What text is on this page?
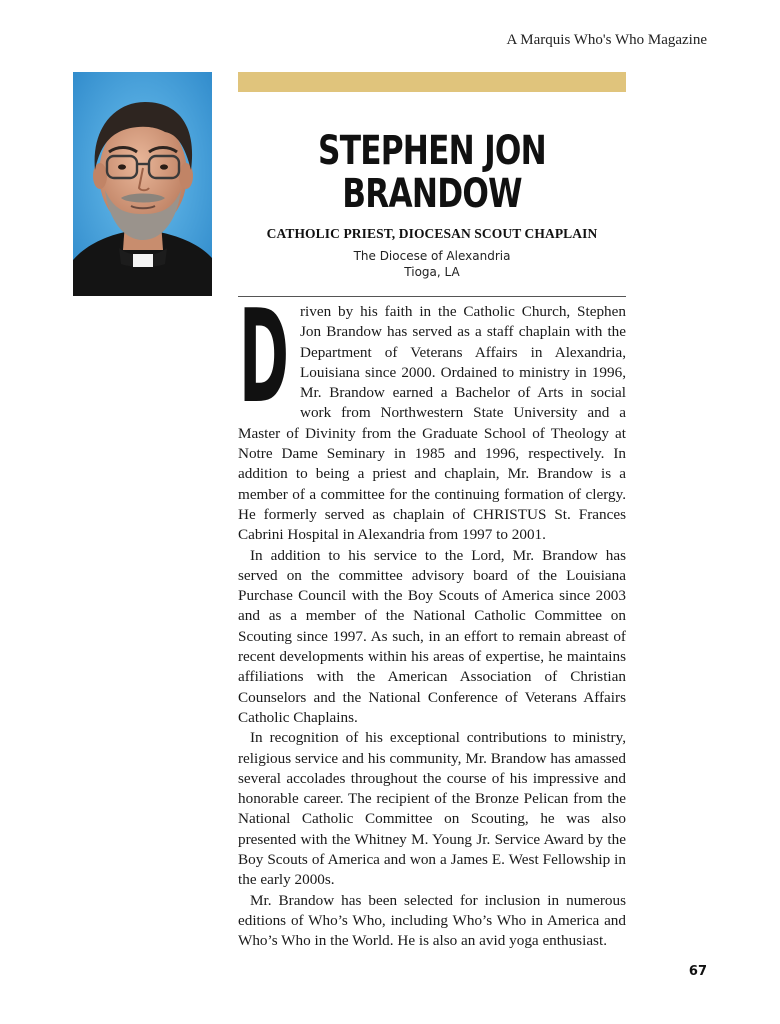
A Marquis Who's Who Magazine
STEPHEN JON BRANDOW
CATHOLIC PRIEST, DIOCESAN SCOUT CHAPLAIN
The Diocese of Alexandria
Tioga, LA

D riven by his faith in the Catholic Church, Stephen Jon Brandow has served as a staff chaplain with the Department of Veterans Affairs in Alexandria, Louisiana since 2000. Ordained to ministry in 1996, Mr. Brandow earned a Bachelor of Arts in social work from Northwestern State University and a Master of Divinity from the Graduate School of Theology at Notre Dame Seminary in 1985 and 1996, respectively. In addition to being a priest and chaplain, Mr. Brandow is a member of a committee for the continuing formation of clergy. He formerly served as chaplain of CHRISTUS St. Frances Cabrini Hospital in Alexandria from 1997 to 2001.

In addition to his service to the Lord, Mr. Brandow has served on the committee advisory board of the Louisiana Purchase Council with the Boy Scouts of America since 2003 and as a member of the National Catholic Committee on Scouting since 1997. As such, in an effort to remain abreast of recent developments within his areas of expertise, he maintains affiliations with the American Association of Christian Counselors and the National Conference of Veterans Affairs Catholic Chaplains.

In recognition of his exceptional contributions to ministry, religious service and his community, Mr. Brandow has amassed several accolades throughout the course of his impressive and honorable career. The recipient of the Bronze Pelican from the National Catholic Committee on Scouting, he was also presented with the Whitney M. Young Jr. Service Award by the Boy Scouts of America and won a James E. West Fellowship in the early 2000s.

Mr. Brandow has been selected for inclusion in numerous editions of Who’s Who, including Who’s Who in America and Who’s Who in the World. He is also an avid yoga enthusiast.

67
